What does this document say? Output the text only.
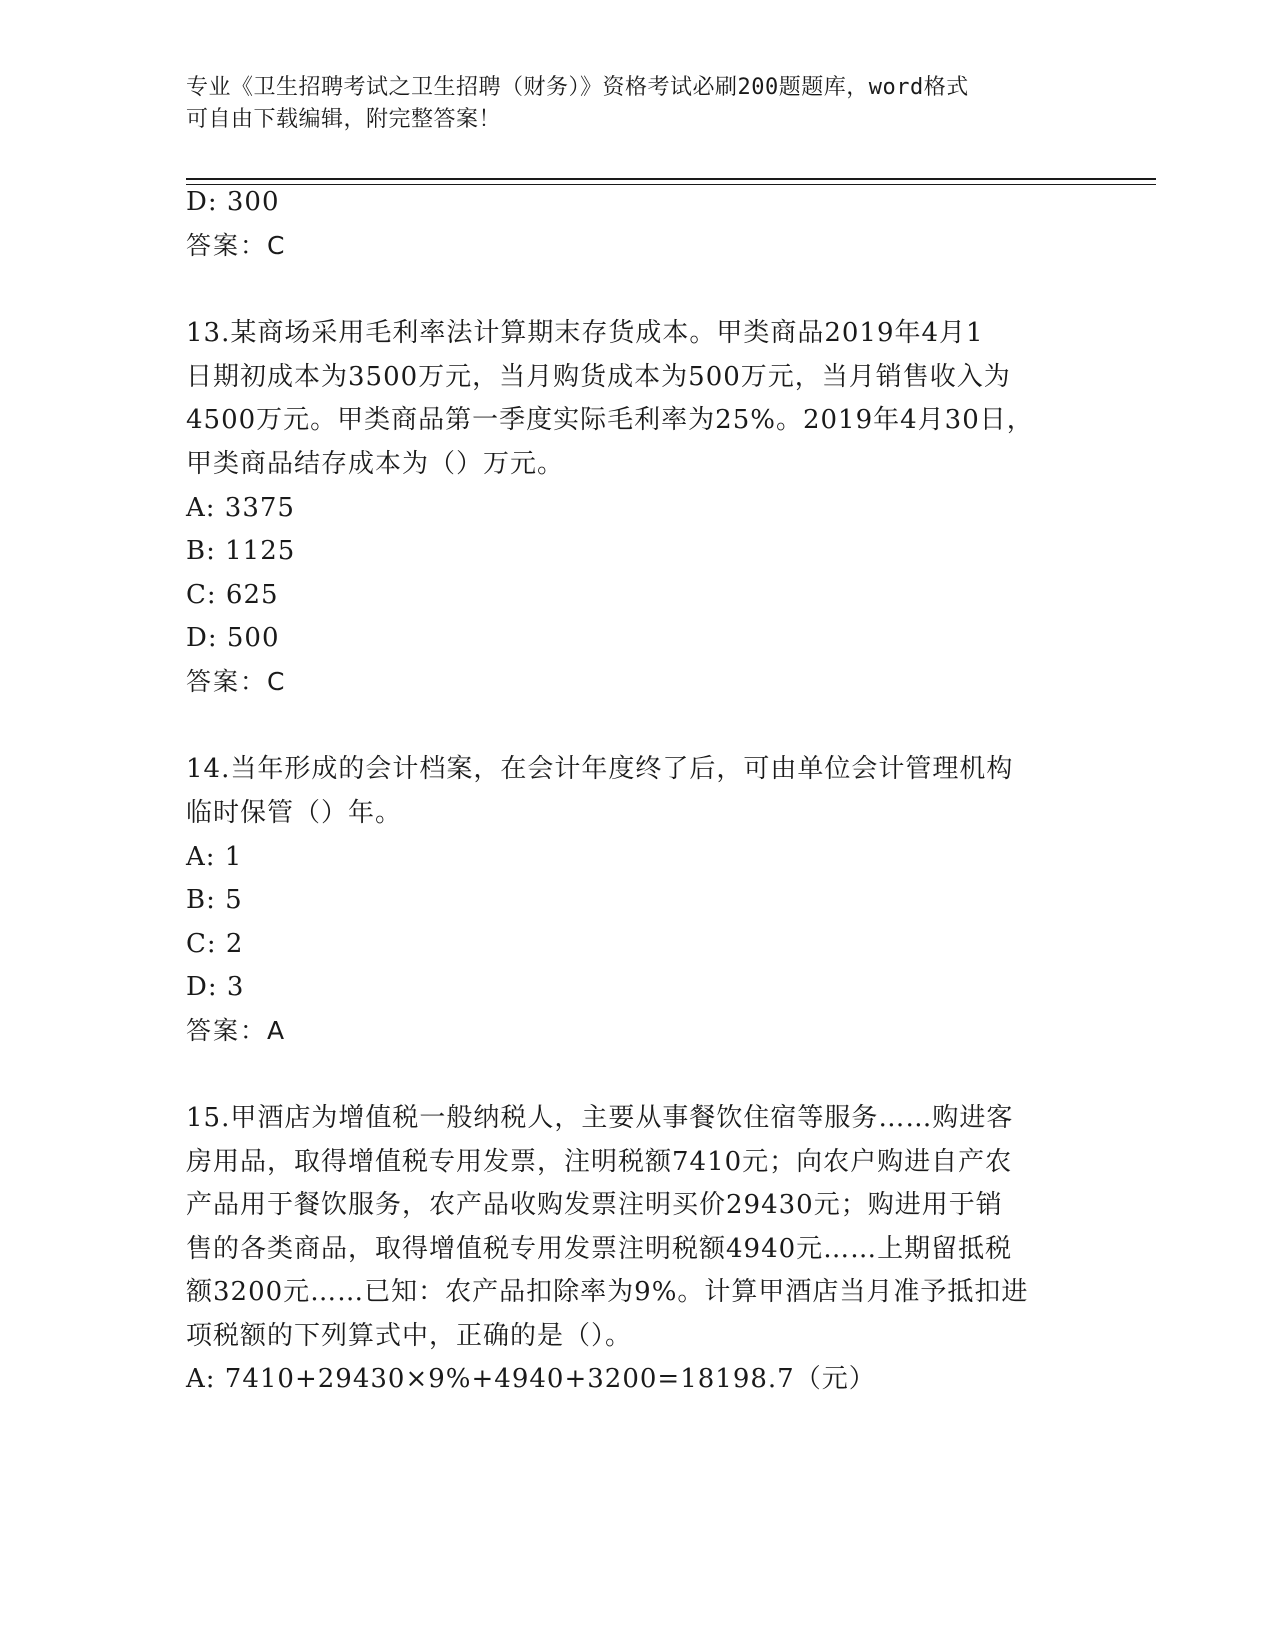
专业《卫生招聘考试之卫生招聘（财务）》资格考试必刷200题题库，word格式
可自由下载编辑，附完整答案！
D: 300
答案：C
13.某商场采用毛利率法计算期末存货成本。甲类商品2019年4月1
日期初成本为3500万元，当月购货成本为500万元，当月销售收入为
4500万元。甲类商品第一季度实际毛利率为25%。2019年4月30日，
甲类商品结存成本为（）万元。
A: 3375
B: 1125
C: 625
D: 500
答案：C
14.当年形成的会计档案，在会计年度终了后，可由单位会计管理机构
临时保管（）年。
A: 1
B: 5
C: 2
D: 3
答案：A
15.甲酒店为增值税一般纳税人，主要从事餐饮住宿等服务……购进客
房用品，取得增值税专用发票，注明税额7410元；向农户购进自产农
产品用于餐饮服务，农产品收购发票注明买价29430元；购进用于销
售的各类商品，取得增值税专用发票注明税额4940元……上期留抵税
额3200元……已知：农产品扣除率为9%。计算甲酒店当月准予抵扣进
项税额的下列算式中，正确的是（）。
A: 7410+29430×9%+4940+3200=18198.7（元）
